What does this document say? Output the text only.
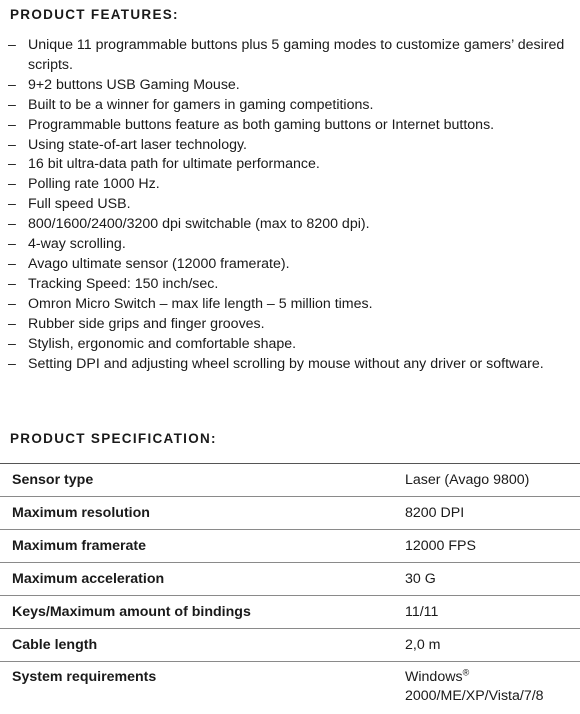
PRODUCT FEATURES:
– Unique 11 programmable buttons plus 5 gaming modes to customize gamers’ desired scripts.
– 9+2 buttons USB Gaming Mouse.
– Built to be a winner for gamers in gaming competitions.
– Programmable buttons feature as both gaming buttons or Internet buttons.
– Using state-of-art laser technology.
– 16 bit ultra-data path for ultimate performance.
– Polling rate 1000 Hz.
– Full speed USB.
– 800/1600/2400/3200 dpi switchable (max to 8200 dpi).
– 4-way scrolling.
– Avago ultimate sensor (12000 framerate).
– Tracking Speed: 150 inch/sec.
– Omron Micro Switch – max life length – 5 million times.
– Rubber side grips and finger grooves.
– Stylish, ergonomic and comfortable shape.
– Setting DPI and adjusting wheel scrolling by mouse without any driver or software.
PRODUCT SPECIFICATION:
Sensor type	Laser (Avago 9800)
Maximum resolution	8200 DPI
Maximum framerate	12000 FPS
Maximum acceleration	30 G
Keys/Maximum amount of bindings	11/11
Cable length	2,0 m
System requirements	Windows®
2000/ME/XP/Vista/7/8
